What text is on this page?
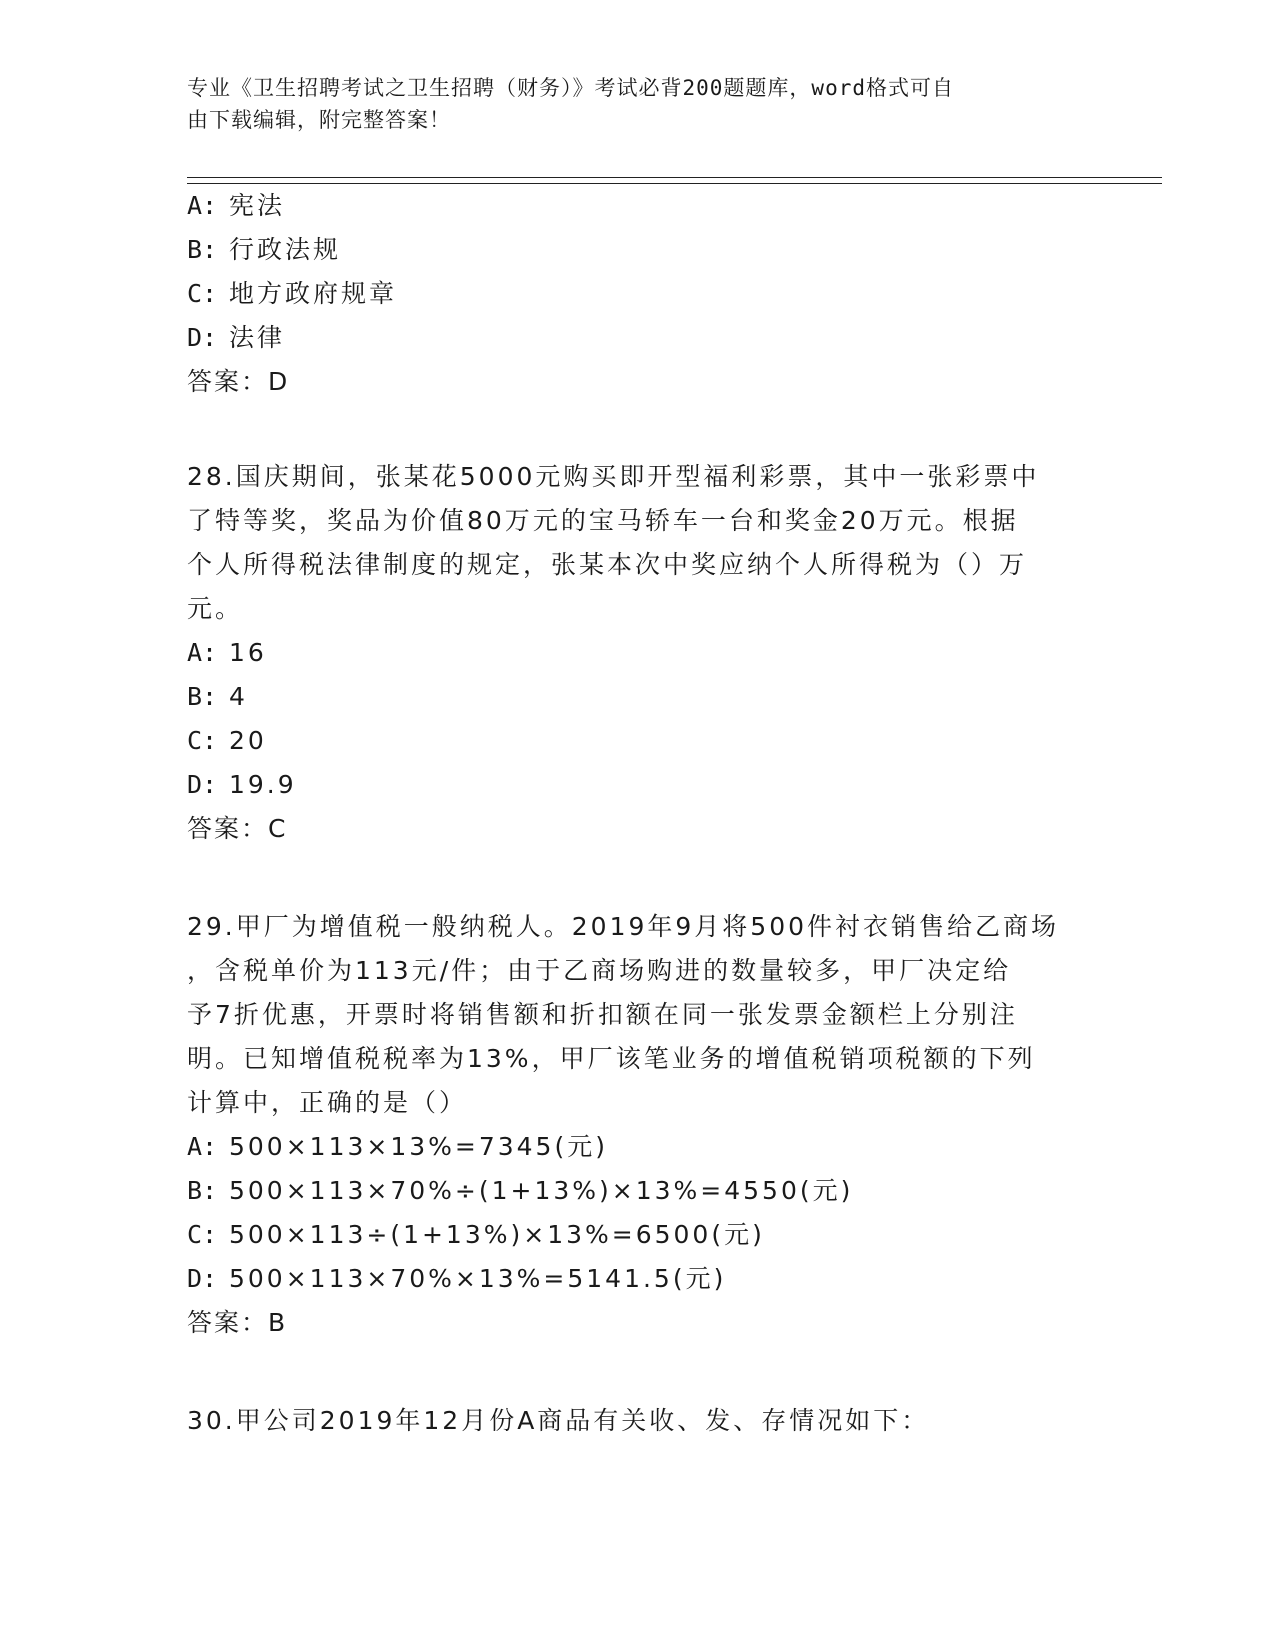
专业《卫生招聘考试之卫生招聘（财务）》考试必背200题题库，word格式可自
由下载编辑，附完整答案！
A: 宪法
B: 行政法规
C: 地方政府规章
D: 法律
答案：D
28.国庆期间，张某花5000元购买即开型福利彩票，其中一张彩票中
了特等奖，奖品为价值80万元的宝马轿车一台和奖金20万元。根据
个人所得税法律制度的规定，张某本次中奖应纳个人所得税为（）万
元。
A: 16
B: 4
C: 20
D: 19.9
答案：C
29.甲厂为增值税一般纳税人。2019年9月将500件衬衣销售给乙商场
，含税单价为113元/件；由于乙商场购进的数量较多，甲厂决定给
予7折优惠，开票时将销售额和折扣额在同一张发票金额栏上分别注
明。已知增值税税率为13%，甲厂该笔业务的增值税销项税额的下列
计算中，正确的是（）
A: 500×113×13%=7345(元)
B: 500×113×70%÷(1+13%)×13%=4550(元)
C: 500×113÷(1+13%)×13%=6500(元)
D: 500×113×70%×13%=5141.5(元)
答案：B
30.甲公司2019年12月份A商品有关收、发、存情况如下：
